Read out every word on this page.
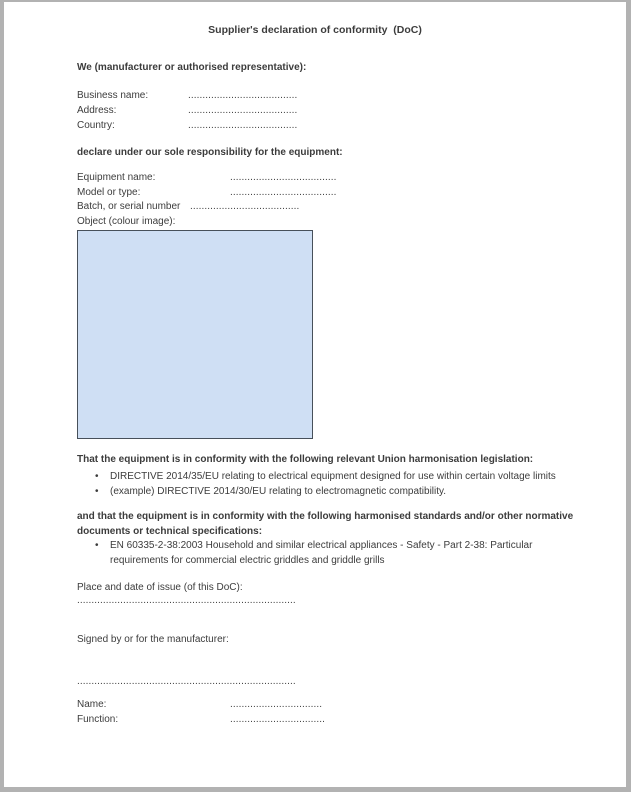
Supplier's declaration of conformity  (DoC)
We (manufacturer or authorised representative):
Business name:	......................................
Address:	......................................
Country:	......................................
declare under our sole responsibility for the equipment:
Equipment name:	.....................................
Model or type:	.....................................
Batch, or serial number ......................................
Object (colour image):
That the equipment is in conformity with the following relevant Union harmonisation legislation:
•
DIRECTIVE 2014/35/EU relating to electrical equipment designed for use within certain voltage limits
•
(example) DIRECTIVE 2014/30/EU relating to electromagnetic compatibility.
and that the equipment is in conformity with the following harmonised standards and/or other normative
documents or technical specifications:
•
EN 60335-2-38:2003 Household and similar electrical appliances - Safety - Part 2-38: Particular
requirements for commercial electric griddles and griddle grills
Place and date of issue (of this DoC):
............................................................................
Signed by or for the manufacturer:
............................................................................
Name:	................................
Function:	.................................
